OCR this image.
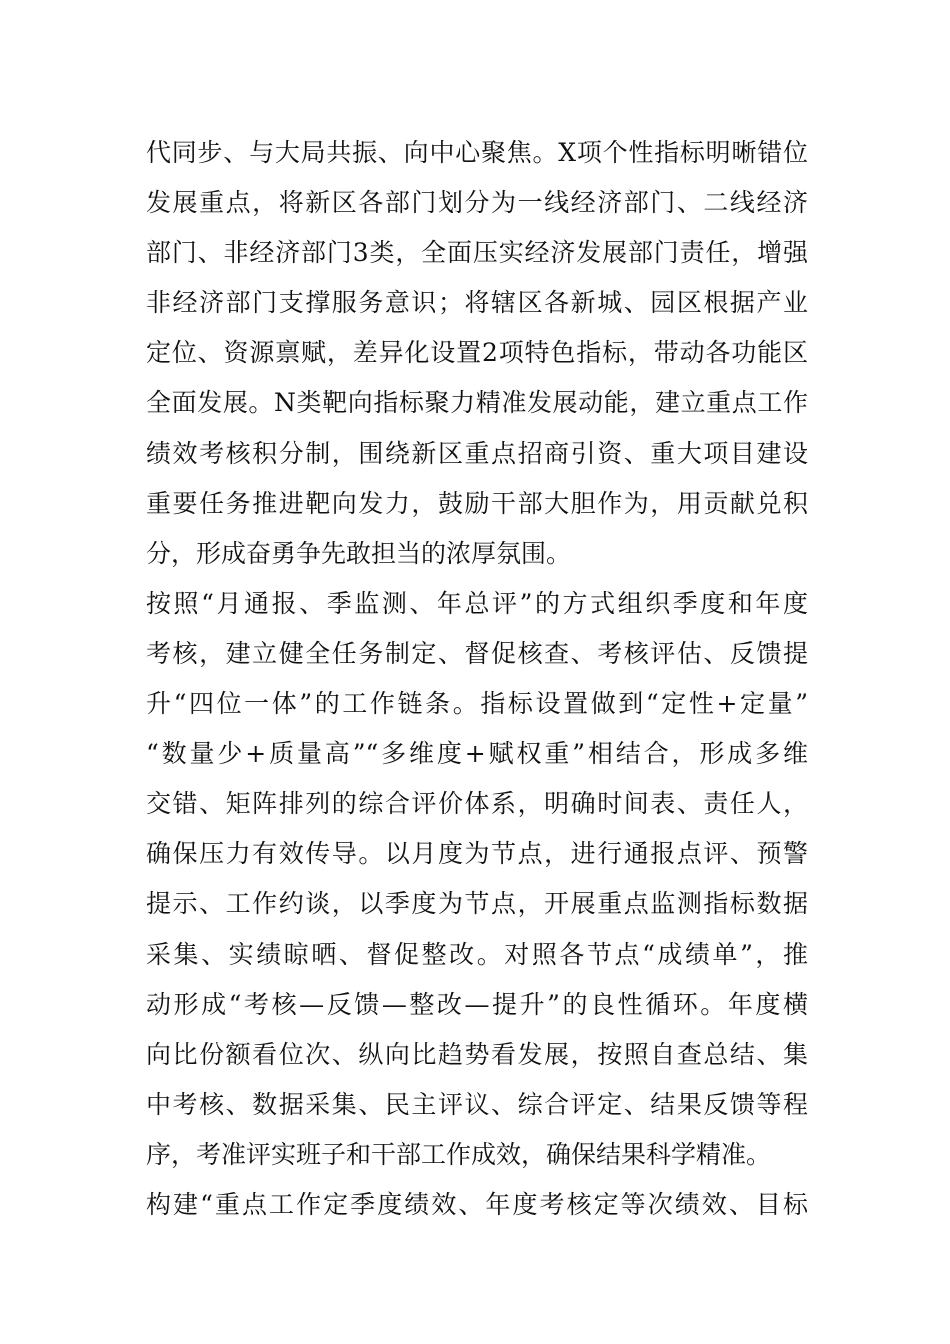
代同步、与大局共振、向中心聚焦。X项个性指标明晰错位
发展重点，将新区各部门划分为一线经济部门、二线经济
部门、非经济部门3类，全面压实经济发展部门责任，增强
非经济部门支撑服务意识；将辖区各新城、园区根据产业
定位、资源禀赋，差异化设置2项特色指标，带动各功能区
全面发展。N类靶向指标聚力精准发展动能，建立重点工作
绩效考核积分制，围绕新区重点招商引资、重大项目建设
重要任务推进靶向发力，鼓励干部大胆作为，用贡献兑积
分，形成奋勇争先敢担当的浓厚氛围。
按照“月通报、季监测、年总评”的方式组织季度和年度
考核，建立健全任务制定、督促核查、考核评估、反馈提
升“四位一体”的工作链条。指标设置做到“定性+定量”
“数量少+质量高”“多维度+赋权重”相结合，形成多维
交错、矩阵排列的综合评价体系，明确时间表、责任人，
确保压力有效传导。以月度为节点，进行通报点评、预警
提示、工作约谈，以季度为节点，开展重点监测指标数据
采集、实绩晾晒、督促整改。对照各节点“成绩单”，推
动形成“考核—反馈—整改—提升”的良性循环。年度横
向比份额看位次、纵向比趋势看发展，按照自查总结、集
中考核、数据采集、民主评议、综合评定、结果反馈等程
序，考准评实班子和干部工作成效，确保结果科学精准。
构建“重点工作定季度绩效、年度考核定等次绩效、目标
